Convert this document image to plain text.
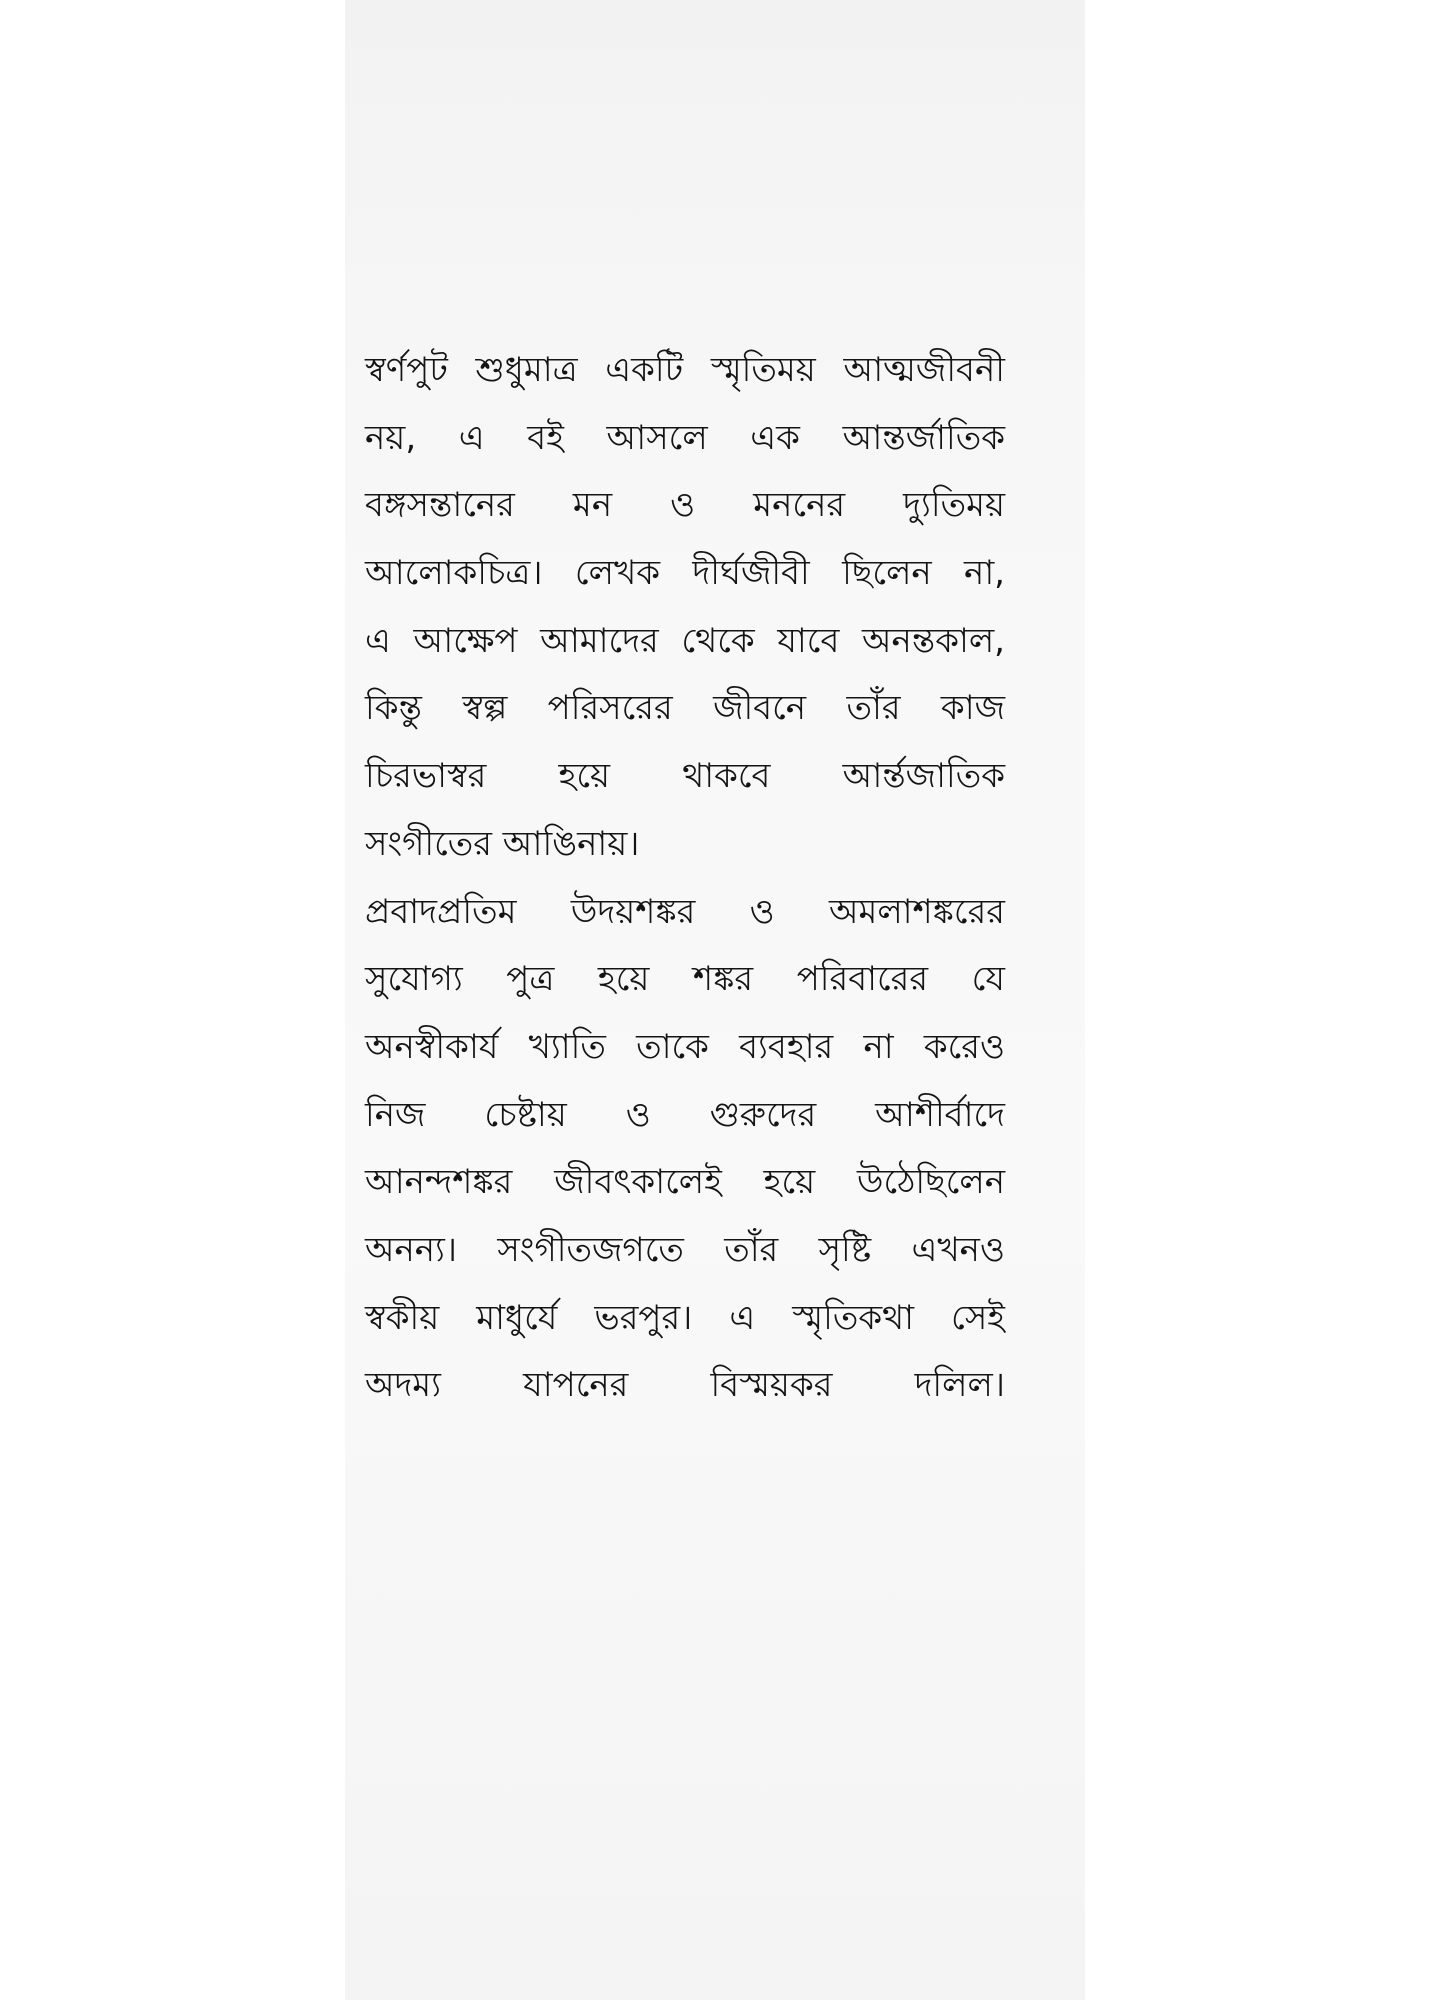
স্বর্ণপুট শুধুমাত্র একটি স্মৃতিময় আত্মজীবনী
নয়, এ বই আসলে এক আন্তর্জাতিক
বঙ্গসন্তানের মন ও মননের দ্যুতিময়
আলোকচিত্র। লেখক দীর্ঘজীবী ছিলেন না,
এ আক্ষেপ আমাদের থেকে যাবে অনন্তকাল,
কিন্তু স্বল্প পরিসরের জীবনে তাঁর কাজ
চিরভাস্বর হয়ে থাকবে আর্ন্তজাতিক
সংগীতের আঙিনায়।
প্রবাদপ্রতিম উদয়শঙ্কর ও অমলাশঙ্করের
সুযোগ্য পুত্র হয়ে শঙ্কর পরিবারের যে
অনস্বীকার্য খ্যাতি তাকে ব্যবহার না করেও
নিজ চেষ্টায় ও গুরুদের আশীর্বাদে
আনন্দশঙ্কর জীবৎকালেই হয়ে উঠেছিলেন
অনন্য। সংগীতজগতে তাঁর সৃষ্টি এখনও
স্বকীয় মাধুর্যে ভরপুর। এ স্মৃতিকথা সেই
অদম্য যাপনের বিস্ময়কর দলিল।
